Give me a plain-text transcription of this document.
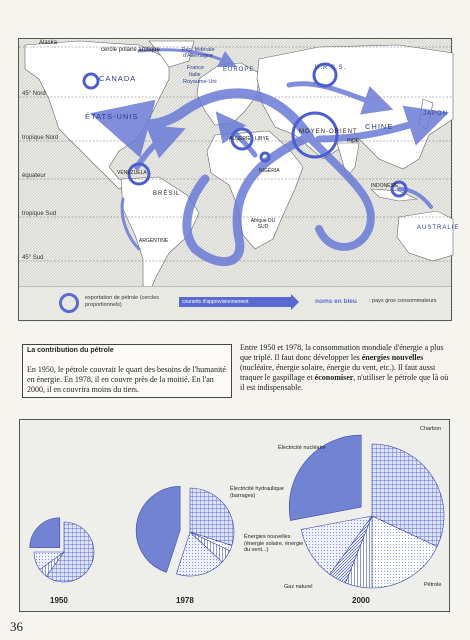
Alaska
cercle polaire arctique
CANADA
ÉTATS-UNIS
Rép. fédérale d'Allemagne
France
Italie
Royaume-Uni
EUROPE	U.R.S.S.
CHINE
JAPON
MOYEN-ORIENT
ALGÉRIE LIBYE	INDE
NIGÉRIA
VENEZUELA
BRÉSIL
ARGENTINE
Afrique DU SUD
INDONÉSIE
AUSTRALIE
45° Nord
tropique Nord
équateur
tropique Sud
45° Sud
exportation de pétrole (cercles proportionnels)
courants d'approvisionnement	noms en bleu : pays gros consommateurs
La contribution du pétrole
En 1950, le pétrole couvrait le quart des besoins de l'humanité en énergie. En 1978, il en couvre près de la moitié. En l'an 2000, il en couvrira moins du tiers.
Entre 1950 et 1978, la consommation mondiale d'énergie a plus que triplé. Il faut donc développer les énergies nouvelles (nucléaire, énergie solaire, énergie du vent, etc.). Il faut aussi traquer le gaspillage et économiser, n'utiliser le pétrole que là où il est indispensable.
Électricité nucléaire
Charbon
Électricité hydraulique (barrages)
Énergies nouvelles (énergie solaire, énergie du vent...)
Gaz naturel	Pétrole
1950	1978	2000
36
